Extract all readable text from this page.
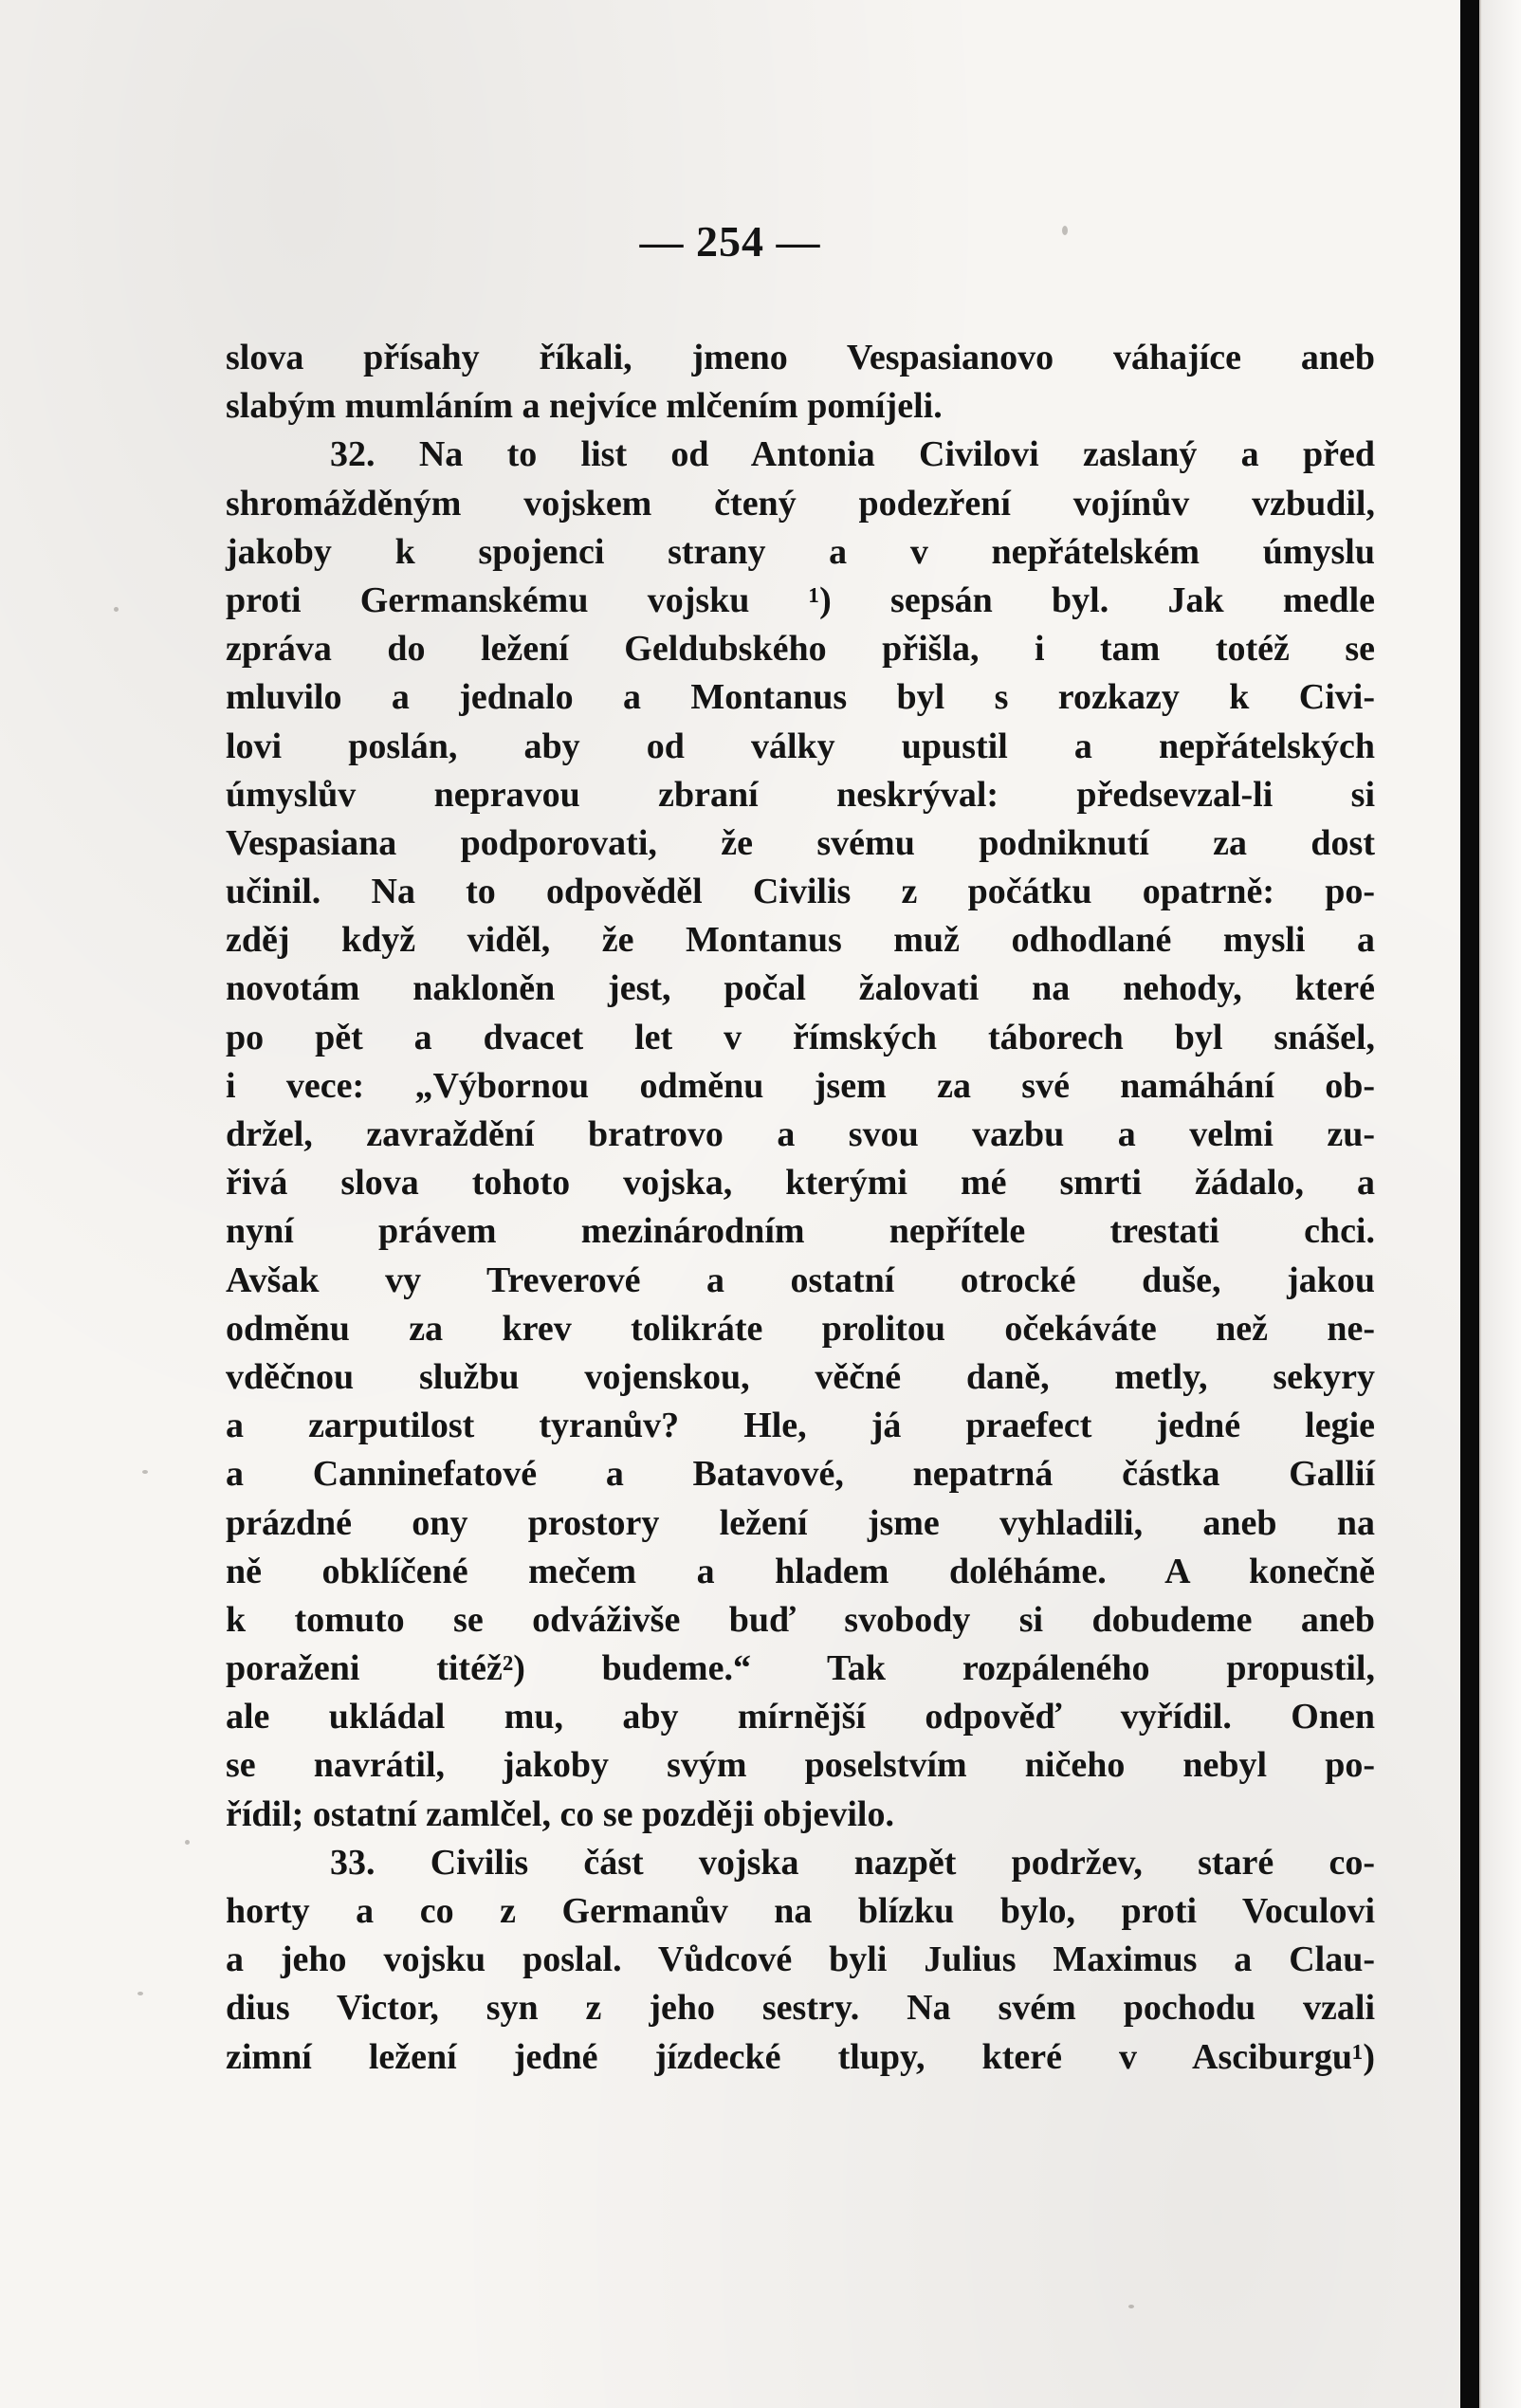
— 254 —
slova přísahy říkali, jmeno Vespasianovo váhajíce aneb
slabým mumláním a nejvíce mlčením pomíjeli.
32. Na to list od Antonia Civilovi zaslaný a před
shromážděným vojskem čtený podezření vojínův vzbudil,
jakoby k spojenci strany a v nepřátelském úmyslu
proti Germanskému vojsku ¹) sepsán byl. Jak medle
zpráva do ležení Geldubského přišla, i tam totéž se
mluvilo a jednalo a Montanus byl s rozkazy k Civi-
lovi poslán, aby od války upustil a nepřátelských
úmyslův nepravou zbraní neskrýval: předsevzal-li si
Vespasiana podporovati, že svému podniknutí za dost
učinil. Na to odpověděl Civilis z počátku opatrně: po-
zděj když viděl, že Montanus muž odhodlané mysli a
novotám nakloněn jest, počal žalovati na nehody, které
po pět a dvacet let v římských táborech byl snášel,
i vece: „Výbornou odměnu jsem za své namáhání ob-
držel, zavraždění bratrovo a svou vazbu a velmi zu-
řivá slova tohoto vojska, kterými mé smrti žádalo, a
nyní právem mezinárodním nepřítele trestati chci.
Avšak vy Treverové a ostatní otrocké duše, jakou
odměnu za krev tolikráte prolitou očekáváte než ne-
vděčnou službu vojenskou, věčné daně, metly, sekyry
a zarputilost tyranův? Hle, já praefect jedné legie
a Canninefatové a Batavové, nepatrná částka Gallií
prázdné ony prostory ležení jsme vyhladili, aneb na
ně obklíčené mečem a hladem doléháme. A konečně
k tomuto se odváživše buď svobody si dobudeme aneb
poraženi titéž²) budeme.“ Tak rozpáleného propustil,
ale ukládal mu, aby mírnější odpověď vyřídil. Onen
se navrátil, jakoby svým poselstvím ničeho nebyl po-
řídil; ostatní zamlčel, co se později objevilo.
33. Civilis část vojska nazpět podržev, staré co-
horty a co z Germanův na blízku bylo, proti Voculovi
a jeho vojsku poslal. Vůdcové byli Julius Maximus a Clau-
dius Victor, syn z jeho sestry. Na svém pochodu vzali
zimní ležení jedné jízdecké tlupy, které v Asciburgu¹)
